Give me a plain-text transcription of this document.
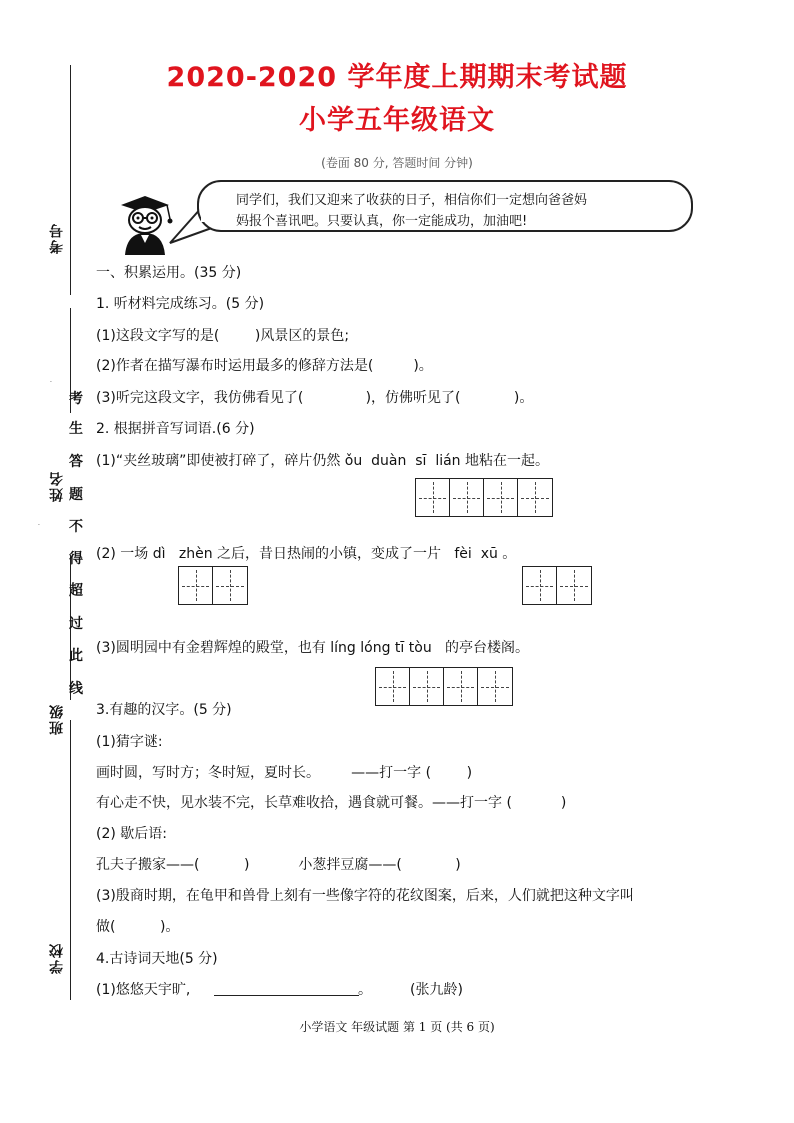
2020-2020 学年度上期期末考试题
小学五年级语文
(卷面 80 分, 答题时间 分钟)
同学们，我们又迎来了收获的日子，相信你们一定想向爸爸妈
妈报个喜讯吧。只要认真，你一定能成功，加油吧!
考号
姓名
班级
学校
考
生
答
题
不
得
超
过
此
线
.
.
一、积累运用。(35 分)
1. 听材料完成练习。(5 分)
(1)这段文字写的是(        )风景区的景色;
(2)作者在描写瀑布时运用最多的修辞方法是(         )。
(3)听完这段文字，我仿佛看见了(              )，仿佛听见了(            )。
2. 根据拼音写词语.(6 分)
(1)“夹丝玻璃”即使被打碎了，碎片仍然 ǒu  duàn  sī  lián 地粘在一起。
(2) 一场 dì   zhèn 之后，昔日热闹的小镇，变成了一片   fèi  xū 。
(3)圆明园中有金碧辉煌的殿堂，也有 líng lóng tī tòu   的亭台楼阁。
3.有趣的汉字。(5 分)
(1)猜字谜:
画时圆，写时方；冬时短，夏时长。       ——打一字 (        )
有心走不快，见水装不完，长草难收拾，遇食就可餐。——打一字 (           )
(2) 歇后语:
孔夫子搬家——(          )           小葱拌豆腐——(            )
(3)殷商时期，在龟甲和兽骨上刻有一些像字符的花纹图案，后来，人们就把这种文字叫
做(          )。
4.古诗词天地(5 分)
(1)悠悠天宇旷,	。	(张九龄)
小学语文 年级试题 第 1 页 (共 6 页)
